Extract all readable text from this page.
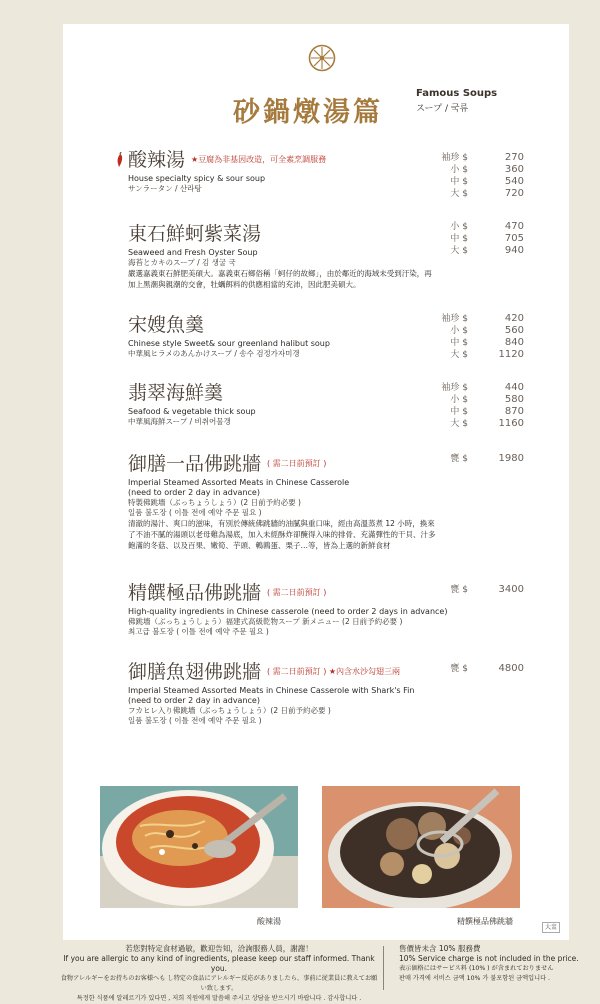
砂鍋燉湯篇
Famous Soups
スープ / 국류
酸辣湯 $^{★豆腐為非基因改造,可全素烹調服務}$
House specialty spicy & sour soup
サンラータン / 산라탕
袖珍 $	270
小 $	360
中 $	540
大 $	720
東石鮮蚵紫菜湯
Seaweed and Fresh Oyster Soup
海苔とカキのスープ / 김 생굴 국
嚴選嘉義東石鮮肥美碩大。嘉義東石鄉俗稱「蚵仔的故鄉」，由於鄰近的海域未受到汙染，再加上黑潮與親潮的交會，牡蠣餌料的供應相當的充沛，因此肥美碩大。
小 $	470
中 $	705
大 $	940
宋嫂魚羹
Chinese style Sweet& sour greenland halibut soup
中華風ヒラメのあんかけスープ / 송수 검정가자미갱
袖珍 $	420
小 $	560
中 $	840
大 $	1120
翡翠海鮮羹
Seafood & vegetable thick soup
中華風海鮮スープ / 비취어물갱
袖珍 $	440
小 $	580
中 $	870
大 $	1160
御膳一品佛跳牆 $^{( 需二日前預訂 )}$
Imperial Steamed Assorted Meats in Chinese Casserole
(need to order 2 day in advance)
特製佛跳墻（ぶっちょうしょう）(2 日前予約必要 )
일품 불도장 ( 이틀 전에 예약 주문 필요 )
清澈的湯汁、爽口的滋味，有別於傳統佛跳牆的油膩與重口味，經由高溫蒸煮 12 小時，換來了不油不膩的湯頭以老母雞為湯底，加入未經酥炸卻醃得入味的排骨、充滿彈性的干貝、汁多飽滿的冬菇、以及百果、嫩筍、芋頭、鵪鶉蛋、栗子…等，皆為上選的新鮮食材
甕 $	1980
精饌極品佛跳牆 $^{( 需二日前預訂 )}$
High-quality ingredients in Chinese casserole (need to order 2 days in advance)
佛跳墻（ぶっちょうしょう）福建式高級乾物スープ 新メニュー (2 日前予約必要 )
최고급 불도장 ( 이틀 전에 예약 주문 필요 )
甕 $	3400
御膳魚翅佛跳牆 $^{( 需二日前預訂 ) ★內含水沙勾翅三兩}$
Imperial Steamed Assorted Meats in Chinese Casserole with Shark's Fin
(need to order 2 day in advance)
フカヒレ入り佛跳墻（ぶっちょうしょう）(2 日前予約必要 )
일품 불도장 ( 이틀 전에 예약 주문 필요 )
甕 $	4800
酸辣湯	精饌極品佛跳牆
大盅
若您對特定食材過敏，歡迎告知，洽詢服務人員，謝謝！
If you are allergic to any kind of ingredients, please keep our staff informed. Thank you.
食物アレルギーをお持ちのお客様へも し特定の食品にアレルギー反応がありましたら、事前に従業員に教えてお願い致します。
특정한 식품에 알레르기가 있다면 , 저희 직원에게 말씀해 주시고 상담을 받으시기 바랍니다 . 감사합니다 .
售價皆未含 10% 服務費
10% Service charge is not included in the price.
表示価格にはサービス料 (10% ) が含まれておりません
판매 가격에 서비스 금액 10% 가 불포함된 금액입니다 .
